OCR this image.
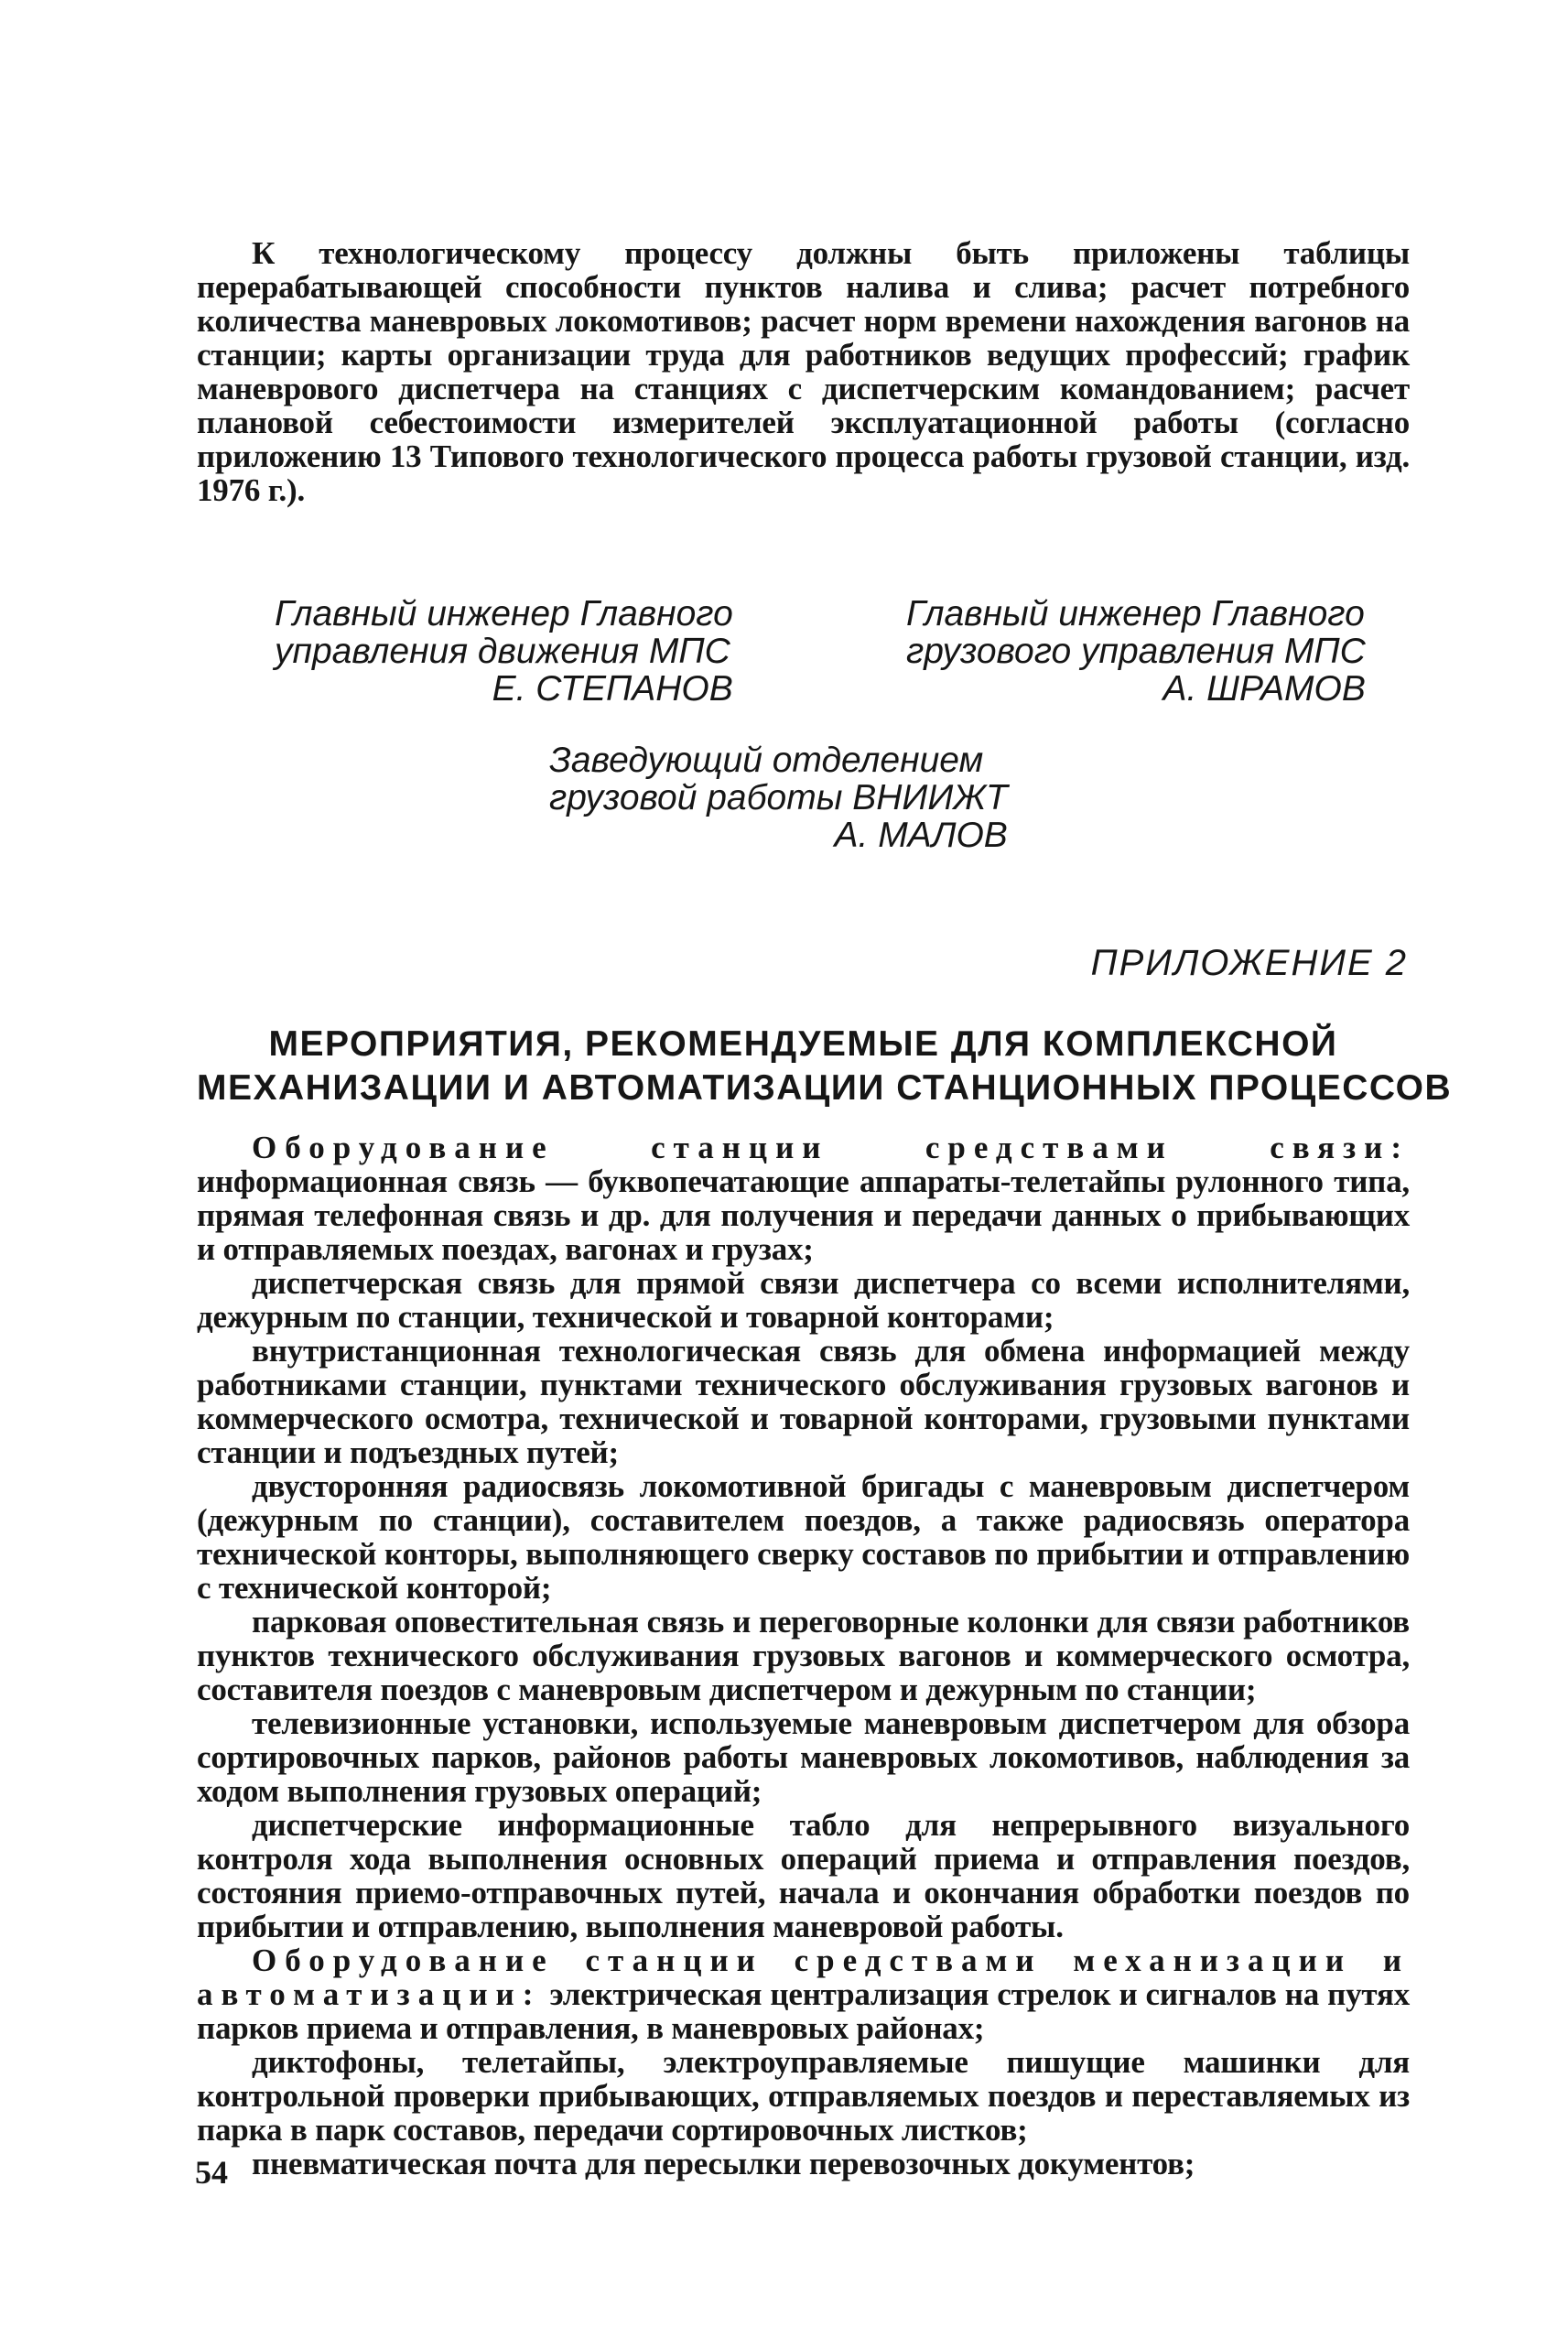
К технологическому процессу должны быть приложены таблицы перерабатывающей способности пунктов налива и слива; расчет потребного количества маневровых локомотивов; расчет норм времени нахождения вагонов на станции; карты организации труда для работников ведущих профессий; график маневрового диспетчера на станциях с диспетчерским командованием; расчет плановой себестоимости измерителей эксплуатационной работы (согласно приложению 13 Типового технологического процесса работы грузовой станции, изд. 1976 г.).

Главный инженер Главного
управления движения МПС
Е. СТЕПАНОВ
Главный инженер Главного
грузового управления МПС
А. ШРАМОВ
Заведующий отделением
грузовой работы ВНИИЖТ
А. МАЛОВ
ПРИЛОЖЕНИЕ 2
МЕРОПРИЯТИЯ, РЕКОМЕНДУЕМЫЕ ДЛЯ КОМПЛЕКСНОЙ
МЕХАНИЗАЦИИ И АВТОМАТИЗАЦИИ СТАНЦИОННЫХ ПРОЦЕССОВ

Оборудование станции средствами связи: информационная связь — буквопечатающие аппараты-телетайпы рулонного типа, прямая телефонная связь и др. для получения и передачи данных о прибывающих и отправляемых поездах, вагонах и грузах;

диспетчерская связь для прямой связи диспетчера со всеми исполнителями, дежурным по станции, технической и товарной конторами;

внутристанционная технологическая связь для обмена информацией между работниками станции, пунктами технического обслуживания грузовых вагонов и коммерческого осмотра, технической и товарной конторами, грузовыми пунктами станции и подъездных путей;

двусторонняя радиосвязь локомотивной бригады с маневровым диспетчером (дежурным по станции), составителем поездов, а также радиосвязь оператора технической конторы, выполняющего сверку составов по прибытии и отправлению с технической конторой;

парковая оповестительная связь и переговорные колонки для связи работников пунктов технического обслуживания грузовых вагонов и коммерческого осмотра, составителя поездов с маневровым диспетчером и дежурным по станции;

телевизионные установки, используемые маневровым диспетчером для обзора сортировочных парков, районов работы маневровых локомотивов, наблюдения за ходом выполнения грузовых операций;

диспетчерские информационные табло для непрерывного визуального контроля хода выполнения основных операций приема и отправления поездов, состояния приемо-отправочных путей, начала и окончания обработки поездов по прибытии и отправлению, выполнения маневровой работы.

Оборудование станции средствами механизации и автоматизации: электрическая централизация стрелок и сигналов на путях парков приема и отправления, в маневровых районах;

диктофоны, телетайпы, электроуправляемые пишущие машинки для контрольной проверки прибывающих, отправляемых поездов и переставляемых из парка в парк составов, передачи сортировочных листков;

пневматическая почта для пересылки перевозочных документов;

54
